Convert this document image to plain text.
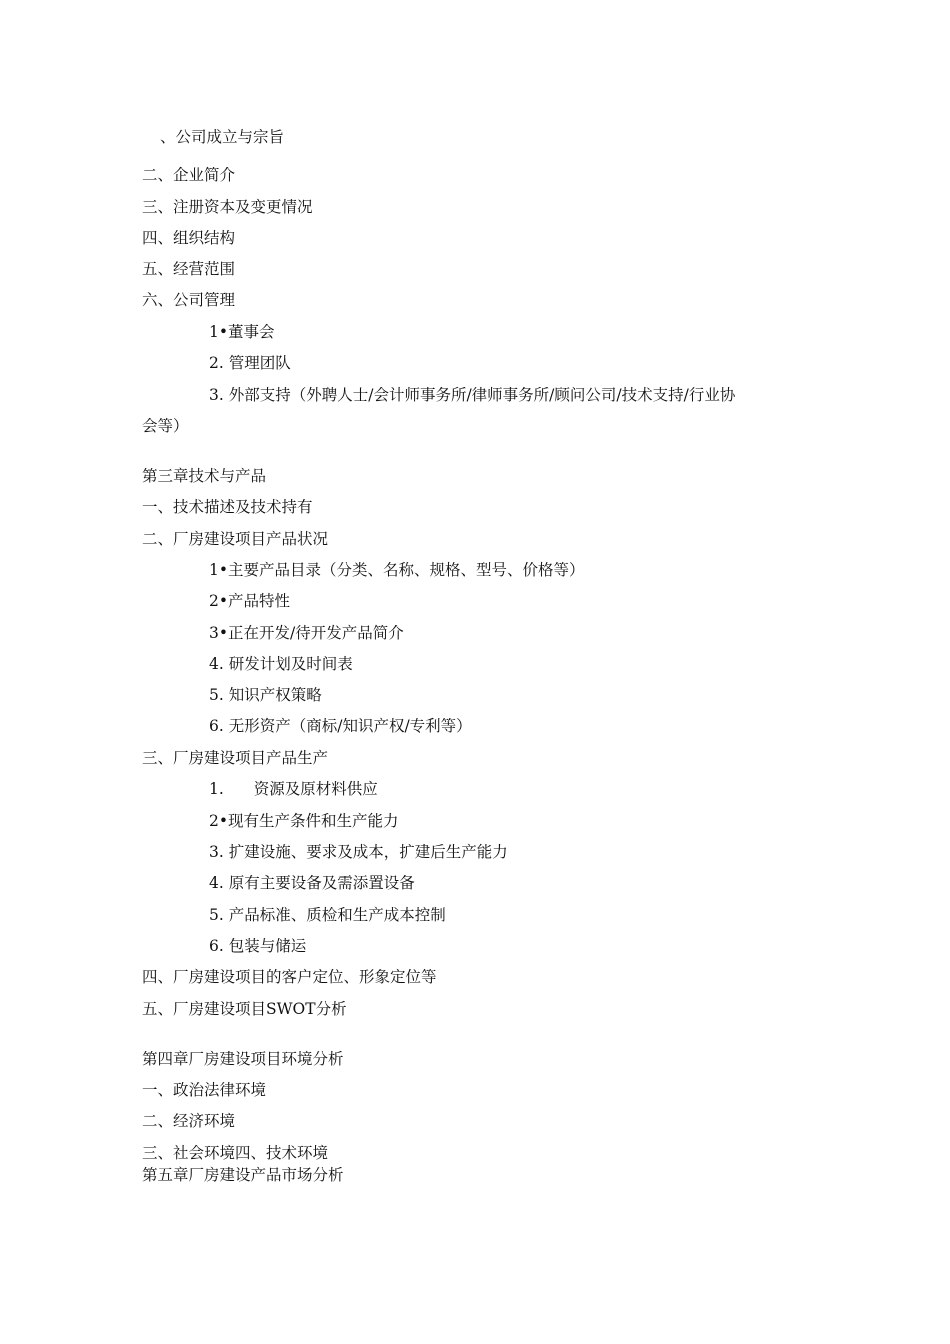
、公司成立与宗旨
二、企业简介
三、注册资本及变更情况
四、组织结构
五、经营范围
六、公司管理
1•董事会
2. 管理团队
3. 外部支持（外聘人士/会计师事务所/律师事务所/顾问公司/技术支持/行业协
会等）
第三章技术与产品
一、技术描述及技术持有
二、厂房建设项目产品状况
1•主要产品目录（分类、名称、规格、型号、价格等）
2•产品特性
3•正在开发/待开发产品简介
4. 研发计划及时间表
5. 知识产权策略
6. 无形资产（商标/知识产权/专利等）
三、厂房建设项目产品生产
1. 资源及原材料供应
2•现有生产条件和生产能力
3. 扩建设施、要求及成本，扩建后生产能力
4. 原有主要设备及需添置设备
5. 产品标准、质检和生产成本控制
6. 包装与储运
四、厂房建设项目的客户定位、形象定位等
五、厂房建设项目SWOT分析
第四章厂房建设项目环境分析
一、政治法律环境
二、经济环境
三、社会环境四、技术环境
第五章厂房建设产品市场分析
